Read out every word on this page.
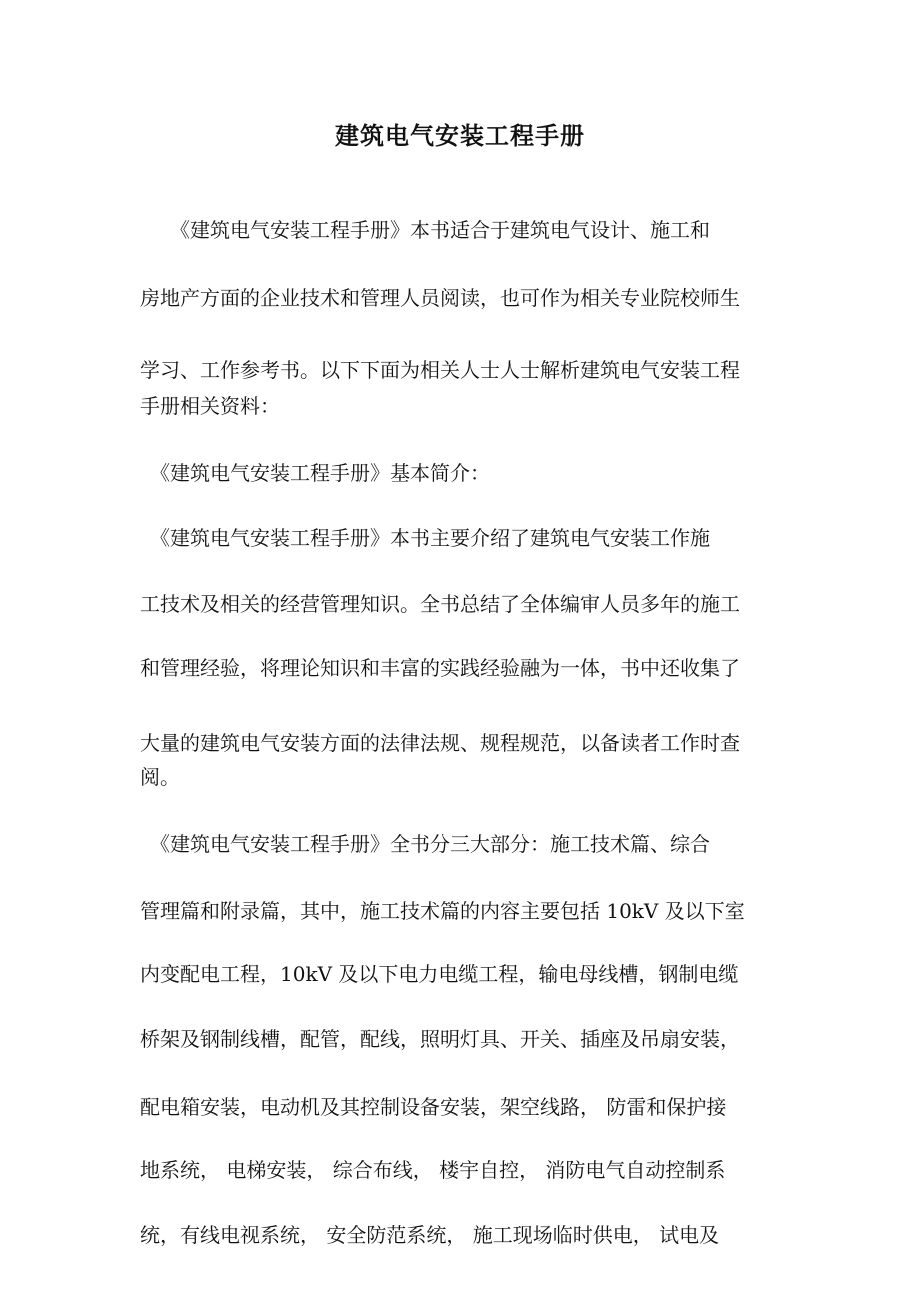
建筑电气安装工程手册
　　《建筑电气安装工程手册》本书适合于建筑电气设计、施工和
房地产方面的企业技术和管理人员阅读，也可作为相关专业院校师生
学习、工作参考书。以下下面为相关人士人士解析建筑电气安装工程
手册相关资料：
　《建筑电气安装工程手册》基本简介：
　《建筑电气安装工程手册》本书主要介绍了建筑电气安装工作施
工技术及相关的经营管理知识。全书总结了全体编审人员多年的施工
和管理经验，将理论知识和丰富的实践经验融为一体，书中还收集了
大量的建筑电气安装方面的法律法规、规程规范，以备读者工作时查
阅。
　《建筑电气安装工程手册》全书分三大部分：施工技术篇、综合
管理篇和附录篇，其中，施工技术篇的内容主要包括 10kV 及以下室
内变配电工程，10kV 及以下电力电缆工程，输电母线槽，钢制电缆
桥架及钢制线槽，配管，配线，照明灯具、开关、插座及吊扇安装，
配电箱安装，电动机及其控制设备安装，架空线路， 防雷和保护接
地系统， 电梯安装， 综合布线， 楼宇自控， 消防电气自动控制系
统，有线电视系统， 安全防范系统， 施工现场临时供电， 试电及
